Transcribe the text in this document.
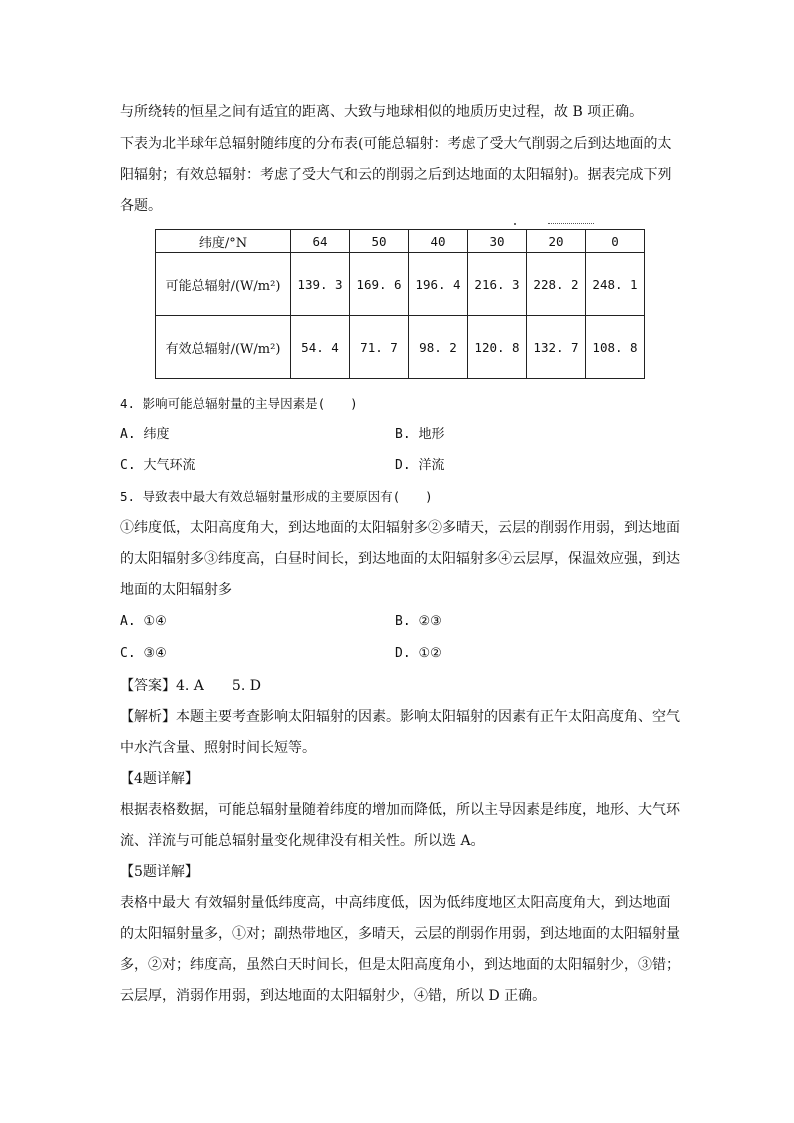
与所绕转的恒星之间有适宜的距离、大致与地球相似的地质历史过程，故 B 项正确。
下表为北半球年总辐射随纬度的分布表(可能总辐射：考虑了受大气削弱之后到达地面的太
阳辐射；有效总辐射：考虑了受大气和云的削弱之后到达地面的太阳辐射)。据表完成下列
各题。
纬度/°N	64	50	40	30	20	0
可能总辐射/(W/m²)	139. 3	169. 6	196. 4	216. 3	228. 2	248. 1
有效总辐射/(W/m²)	54. 4	71. 7	98. 2	120. 8	132. 7	108. 8
4. 影响可能总辐射量的主导因素是(　　)
A. 纬度	B. 地形
C. 大气环流	D. 洋流
5. 导致表中最大有效总辐射量形成的主要原因有(　　)
①纬度低，太阳高度角大，到达地面的太阳辐射多②多晴天，云层的削弱作用弱，到达地面
的太阳辐射多③纬度高，白昼时间长，到达地面的太阳辐射多④云层厚，保温效应强，到达
地面的太阳辐射多
A. ①④	B. ②③
C. ③④	D. ①②
【答案】4. A　　5. D
【解析】本题主要考查影响太阳辐射的因素。影响太阳辐射的因素有正午太阳高度角、空气
中水汽含量、照射时间长短等。
【4题详解】
根据表格数据，可能总辐射量随着纬度的增加而降低，所以主导因素是纬度，地形、大气环
流、洋流与可能总辐射量变化规律没有相关性。所以选 A。
【5题详解】
表格中最大 有效辐射量低纬度高，中高纬度低，因为低纬度地区太阳高度角大，到达地面
的太阳辐射量多，①对；副热带地区，多晴天，云层的削弱作用弱，到达地面的太阳辐射量
多，②对；纬度高，虽然白天时间长，但是太阳高度角小，到达地面的太阳辐射少，③错；
云层厚，消弱作用弱，到达地面的太阳辐射少，④错，所以 D 正确。
